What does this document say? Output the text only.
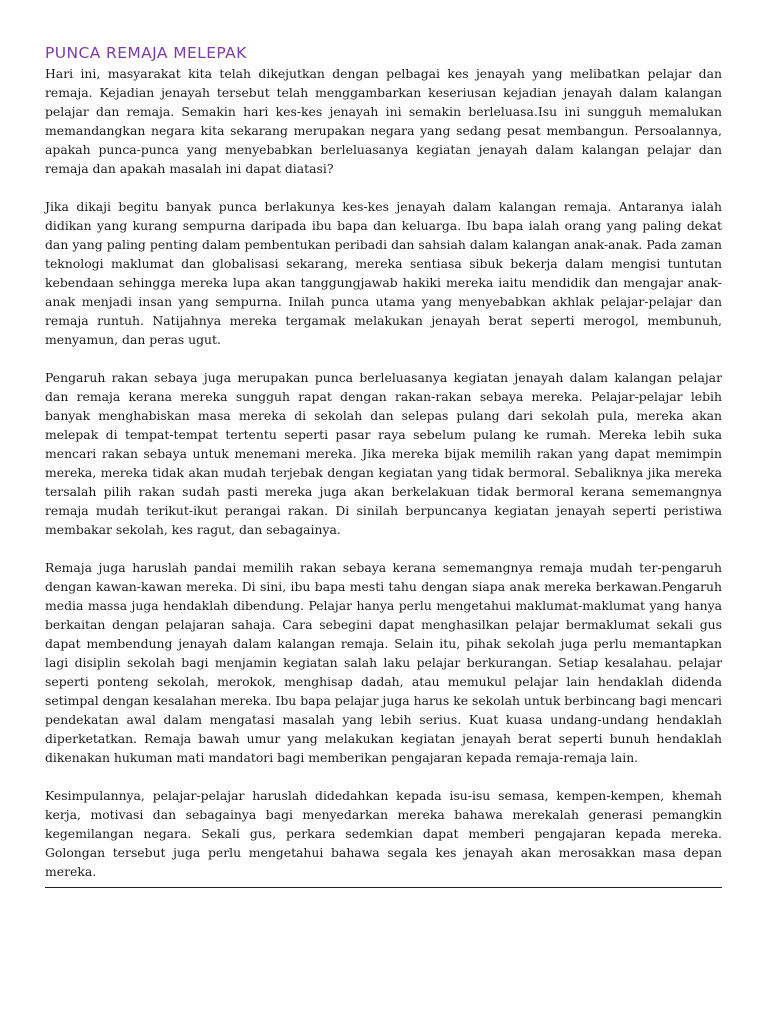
PUNCA REMAJA MELEPAK

Hari ini, masyarakat kita telah dikejutkan dengan pelbagai kes jenayah yang melibatkan pelajar dan remaja. Kejadian jenayah tersebut telah menggambarkan keseriusan kejadian jenayah dalam kalangan pelajar dan remaja. Semakin hari kes-kes jenayah ini semakin berleluasa.Isu ini sungguh memalukan memandangkan negara kita sekarang merupakan negara yang sedang pesat membangun. Persoalannya, apakah punca-punca yang menyebabkan berleluasanya kegiatan jenayah dalam kalangan pelajar dan remaja dan apakah masalah ini dapat diatasi?

Jika dikaji begitu banyak punca berlakunya kes-kes jenayah dalam kalangan remaja. Antaranya ialah didikan yang kurang sempurna daripada ibu bapa dan keluarga. Ibu bapa ialah orang yang paling dekat dan yang paling penting dalam pembentukan peribadi dan sahsiah dalam kalangan anak-anak. Pada zaman teknologi maklumat dan globalisasi sekarang, mereka sentiasa sibuk bekerja dalam mengisi tuntutan kebendaan sehingga mereka lupa akan tanggungjawab hakiki mereka iaitu mendidik dan mengajar anak-anak menjadi insan yang sempurna. Inilah punca utama yang menyebabkan akhlak pelajar-pelajar dan remaja runtuh. Natijahnya mereka tergamak melakukan jenayah berat seperti merogol, membunuh, menyamun, dan peras ugut.

Pengaruh rakan sebaya juga merupakan punca berleluasanya kegiatan jenayah dalam kalangan pelajar dan remaja kerana mereka sungguh rapat dengan rakan-rakan sebaya mereka. Pelajar-pelajar lebih banyak menghabiskan masa mereka di sekolah dan selepas pulang dari sekolah pula, mereka akan melepak di tempat-tempat tertentu seperti pasar raya sebelum pulang ke rumah. Mereka lebih suka mencari rakan sebaya untuk menemani mereka. Jika mereka bijak memilih rakan yang dapat memimpin mereka, mereka tidak akan mudah terjebak dengan kegiatan yang tidak bermoral. Sebaliknya jika mereka tersalah pilih rakan sudah pasti mereka juga akan berkelakuan tidak bermoral kerana sememangnya remaja mudah terikut-ikut perangai rakan. Di sinilah berpuncanya kegiatan jenayah seperti peristiwa membakar sekolah, kes ragut, dan sebagainya.

Remaja juga haruslah pandai memilih rakan sebaya kerana sememangnya remaja mudah ter-pengaruh dengan kawan-kawan mereka. Di sini, ibu bapa mesti tahu dengan siapa anak mereka berkawan.Pengaruh media massa juga hendaklah dibendung. Pelajar hanya perlu mengetahui maklumat-maklumat yang hanya berkaitan dengan pelajaran sahaja. Cara sebegini dapat menghasilkan pelajar bermaklumat sekali gus dapat membendung jenayah dalam kalangan remaja. Selain itu, pihak sekolah juga perlu memantapkan lagi disiplin sekolah bagi menjamin kegiatan salah laku pelajar berkurangan. Setiap kesalahau. pelajar seperti ponteng sekolah, merokok, menghisap dadah, atau memukul pelajar lain hendaklah didenda setimpal dengan kesalahan mereka. Ibu bapa pelajar juga harus ke sekolah untuk berbincang bagi mencari pendekatan awal dalam mengatasi masalah yang lebih serius. Kuat kuasa undang-undang hendaklah diperketatkan. Remaja bawah umur yang melakukan kegiatan jenayah berat seperti bunuh hendaklah dikenakan hukuman mati mandatori bagi memberikan pengajaran kepada remaja-remaja lain.

Kesimpulannya, pelajar-pelajar haruslah didedahkan kepada isu-isu semasa, kempen-kempen, khemah kerja, motivasi dan sebagainya bagi menyedarkan mereka bahawa merekalah generasi pemangkin kegemilangan negara. Sekali gus, perkara sedemkian dapat memberi pengajaran kepada mereka. Golongan tersebut juga perlu mengetahui bahawa segala kes jenayah akan merosakkan masa depan mereka.
